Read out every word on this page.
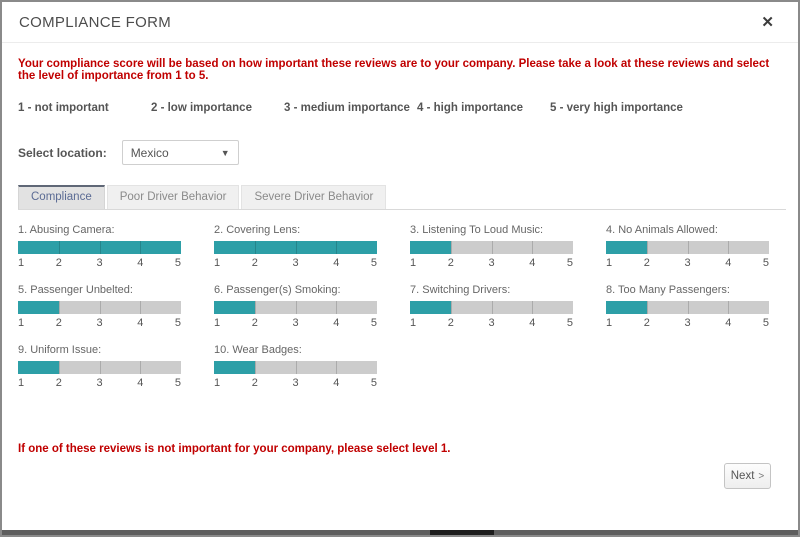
COMPLIANCE FORM	✕
Your compliance score will be based on how important these reviews are to your company. Please take a look at these reviews and select the level of importance from 1 to 5.
1 - not important	2 - low importance	3 - medium importance 4 - high importance	5 - very high importance
Select location: Mexico	▼
Compliance	Poor Driver Behavior	Severe Driver Behavior
1. Abusing Camera:
1	2	3	4	5
2. Covering Lens:
1	2	3	4	5
3. Listening To Loud Music:
1	2	3	4	5
4. No Animals Allowed:
1	2	3	4	5
5. Passenger Unbelted:
1	2	3	4	5
6. Passenger(s) Smoking:
1	2	3	4	5
7. Switching Drivers:
1	2	3	4	5
8. Too Many Passengers:
1	2	3	4	5
9. Uniform Issue:
1	2	3	4	5
10. Wear Badges:
1	2	3	4	5
If one of these reviews is not important for your company, please select level 1.
Next >
